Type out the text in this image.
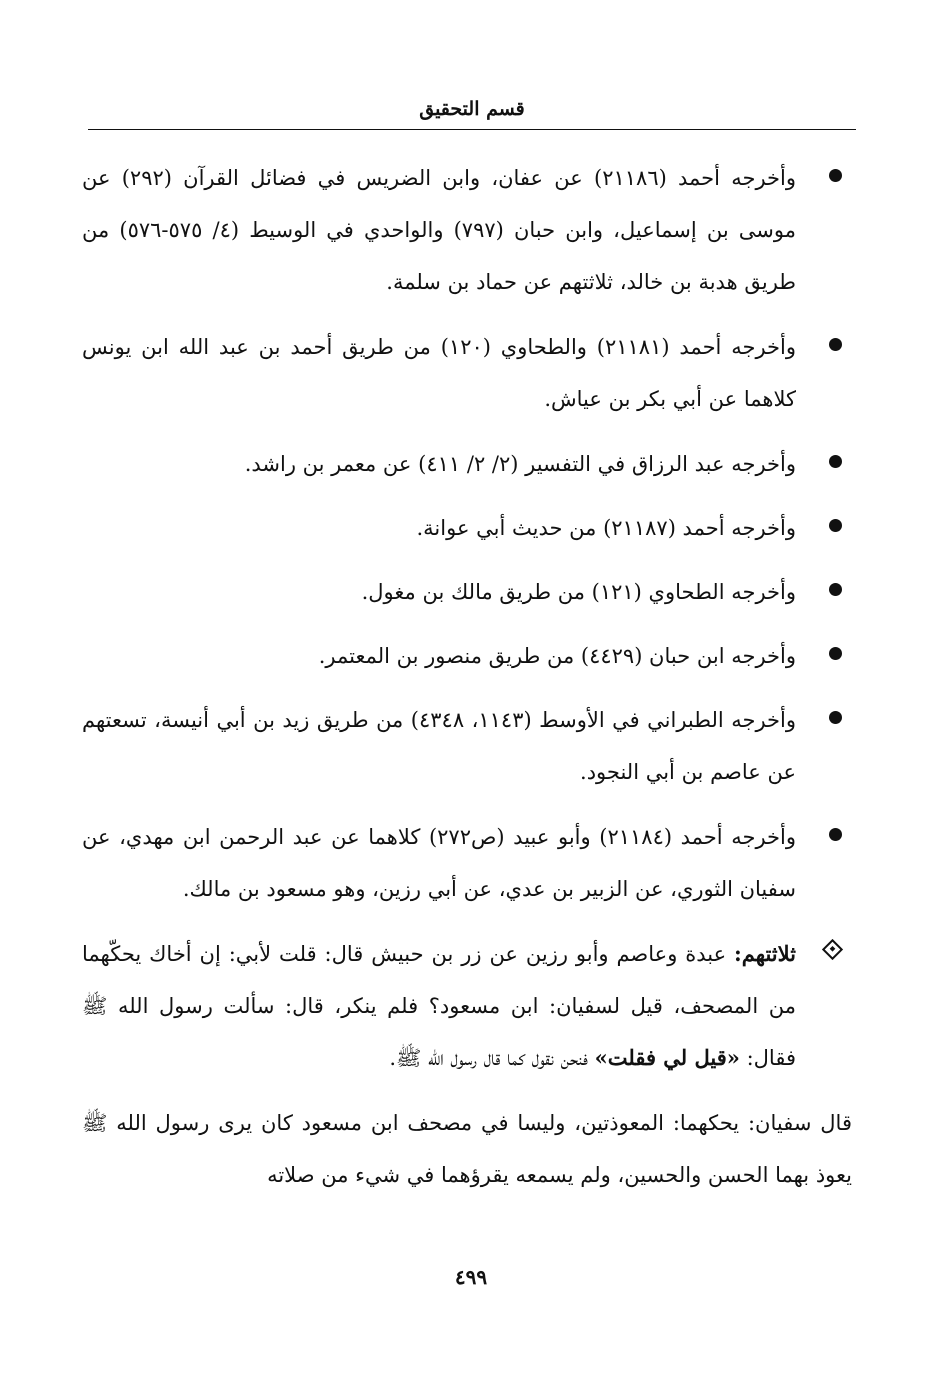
قسم التحقيق
وأخرجه أحمد (٢١١٨٦) عن عفان، وابن الضريس في فضائل القرآن (٢٩٢) عن موسى بن إسماعيل، وابن حبان (٧٩٧) والواحدي في الوسيط (٤/ ٥٧٥-٥٧٦) من طريق هدبة بن خالد، ثلاثتهم عن حماد بن سلمة.
وأخرجه أحمد (٢١١٨١) والطحاوي (١٢٠) من طريق أحمد بن عبد الله ابن يونس كلاهما عن أبي بكر بن عياش.
وأخرجه عبد الرزاق في التفسير (٢/ ٢/ ٤١١) عن معمر بن راشد.
وأخرجه أحمد (٢١١٨٧) من حديث أبي عوانة.
وأخرجه الطحاوي (١٢١) من طريق مالك بن مغول.
وأخرجه ابن حبان (٤٤٢٩) من طريق منصور بن المعتمر.
وأخرجه الطبراني في الأوسط (١١٤٣، ٤٣٤٨) من طريق زيد بن أبي أنيسة، تسعتهم عن عاصم بن أبي النجود.
وأخرجه أحمد (٢١١٨٤) وأبو عبيد (ص٢٧٢) كلاهما عن عبد الرحمن ابن مهدي، عن سفيان الثوري، عن الزبير بن عدي، عن أبي رزين، وهو مسعود بن مالك.
ثلاثتهم: عبدة وعاصم وأبو رزين عن زر بن حبيش قال: قلت لأبي: إن أخاك يحكّهما من المصحف، قيل لسفيان: ابن مسعود؟ فلم ينكر، قال: سألت رسول الله ﷺ فقال: «قيل لي فقلت» فنحن نقول كما قال رسول الله ﷺ.
قال سفيان: يحكهما: المعوذتين، وليسا في مصحف ابن مسعود كان يرى رسول الله ﷺ يعوذ بهما الحسن والحسين، ولم يسمعه يقرؤهما في شيء من صلاته
٤٩٩
